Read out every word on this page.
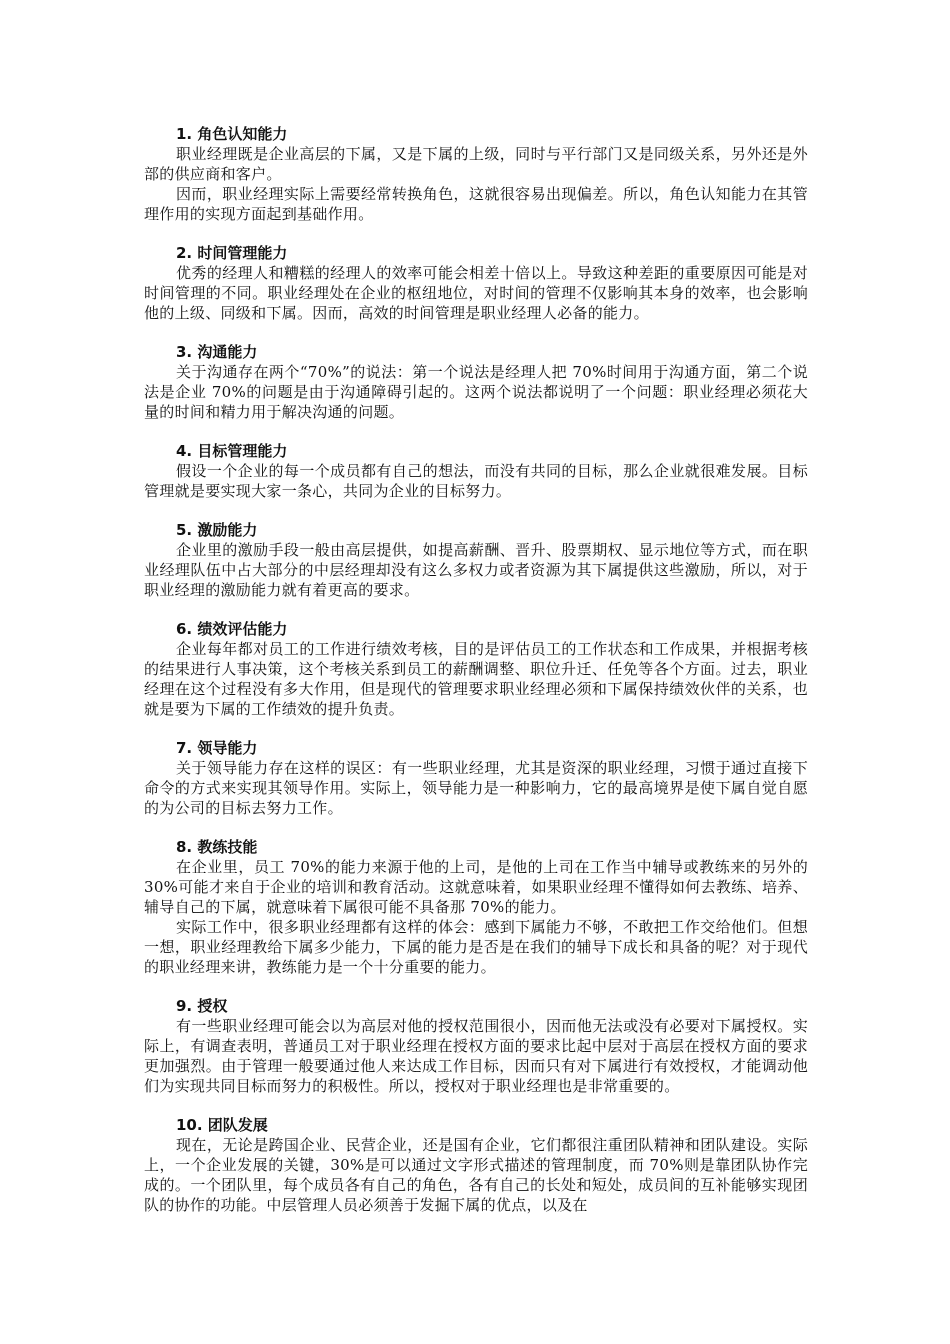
1. 角色认知能力

职业经理既是企业高层的下属，又是下属的上级，同时与平行部门又是同级关系，另外还是外部的供应商和客户。

因而，职业经理实际上需要经常转换角色，这就很容易出现偏差。所以，角色认知能力在其管理作用的实现方面起到基础作用。

2. 时间管理能力

优秀的经理人和糟糕的经理人的效率可能会相差十倍以上。导致这种差距的重要原因可能是对时间管理的不同。职业经理处在企业的枢纽地位，对时间的管理不仅影响其本身的效率，也会影响他的上级、同级和下属。因而，高效的时间管理是职业经理人必备的能力。

3. 沟通能力

关于沟通存在两个“70%”的说法：第一个说法是经理人把 70%时间用于沟通方面，第二个说法是企业 70%的问题是由于沟通障碍引起的。这两个说法都说明了一个问题：职业经理必须花大量的时间和精力用于解决沟通的问题。

4. 目标管理能力

假设一个企业的每一个成员都有自己的想法，而没有共同的目标，那么企业就很难发展。目标管理就是要实现大家一条心，共同为企业的目标努力。

5. 激励能力

企业里的激励手段一般由高层提供，如提高薪酬、晋升、股票期权、显示地位等方式，而在职业经理队伍中占大部分的中层经理却没有这么多权力或者资源为其下属提供这些激励，所以，对于职业经理的激励能力就有着更高的要求。

6. 绩效评估能力

企业每年都对员工的工作进行绩效考核，目的是评估员工的工作状态和工作成果，并根据考核的结果进行人事决策，这个考核关系到员工的薪酬调整、职位升迁、任免等各个方面。过去，职业经理在这个过程没有多大作用，但是现代的管理要求职业经理必须和下属保持绩效伙伴的关系，也就是要为下属的工作绩效的提升负责。

7. 领导能力

关于领导能力存在这样的误区：有一些职业经理，尤其是资深的职业经理，习惯于通过直接下命令的方式来实现其领导作用。实际上，领导能力是一种影响力，它的最高境界是使下属自觉自愿的为公司的目标去努力工作。

8. 教练技能

在企业里，员工 70%的能力来源于他的上司，是他的上司在工作当中辅导或教练来的另外的 30%可能才来自于企业的培训和教育活动。这就意味着，如果职业经理不懂得如何去教练、培养、辅导自己的下属，就意味着下属很可能不具备那 70%的能力。

实际工作中，很多职业经理都有这样的体会：感到下属能力不够，不敢把工作交给他们。但想一想，职业经理教给下属多少能力，下属的能力是否是在我们的辅导下成长和具备的呢？对于现代的职业经理来讲，教练能力是一个十分重要的能力。

9. 授权

有一些职业经理可能会以为高层对他的授权范围很小，因而他无法或没有必要对下属授权。实际上，有调查表明，普通员工对于职业经理在授权方面的要求比起中层对于高层在授权方面的要求更加强烈。由于管理一般要通过他人来达成工作目标，因而只有对下属进行有效授权，才能调动他们为实现共同目标而努力的积极性。所以，授权对于职业经理也是非常重要的。

10. 团队发展

现在，无论是跨国企业、民营企业，还是国有企业，它们都很注重团队精神和团队建设。实际上，一个企业发展的关键，30%是可以通过文字形式描述的管理制度，而 70%则是靠团队协作完成的。一个团队里，每个成员各有自己的角色，各有自己的长处和短处，成员间的互补能够实现团队的协作的功能。中层管理人员必须善于发掘下属的优点，以及在
